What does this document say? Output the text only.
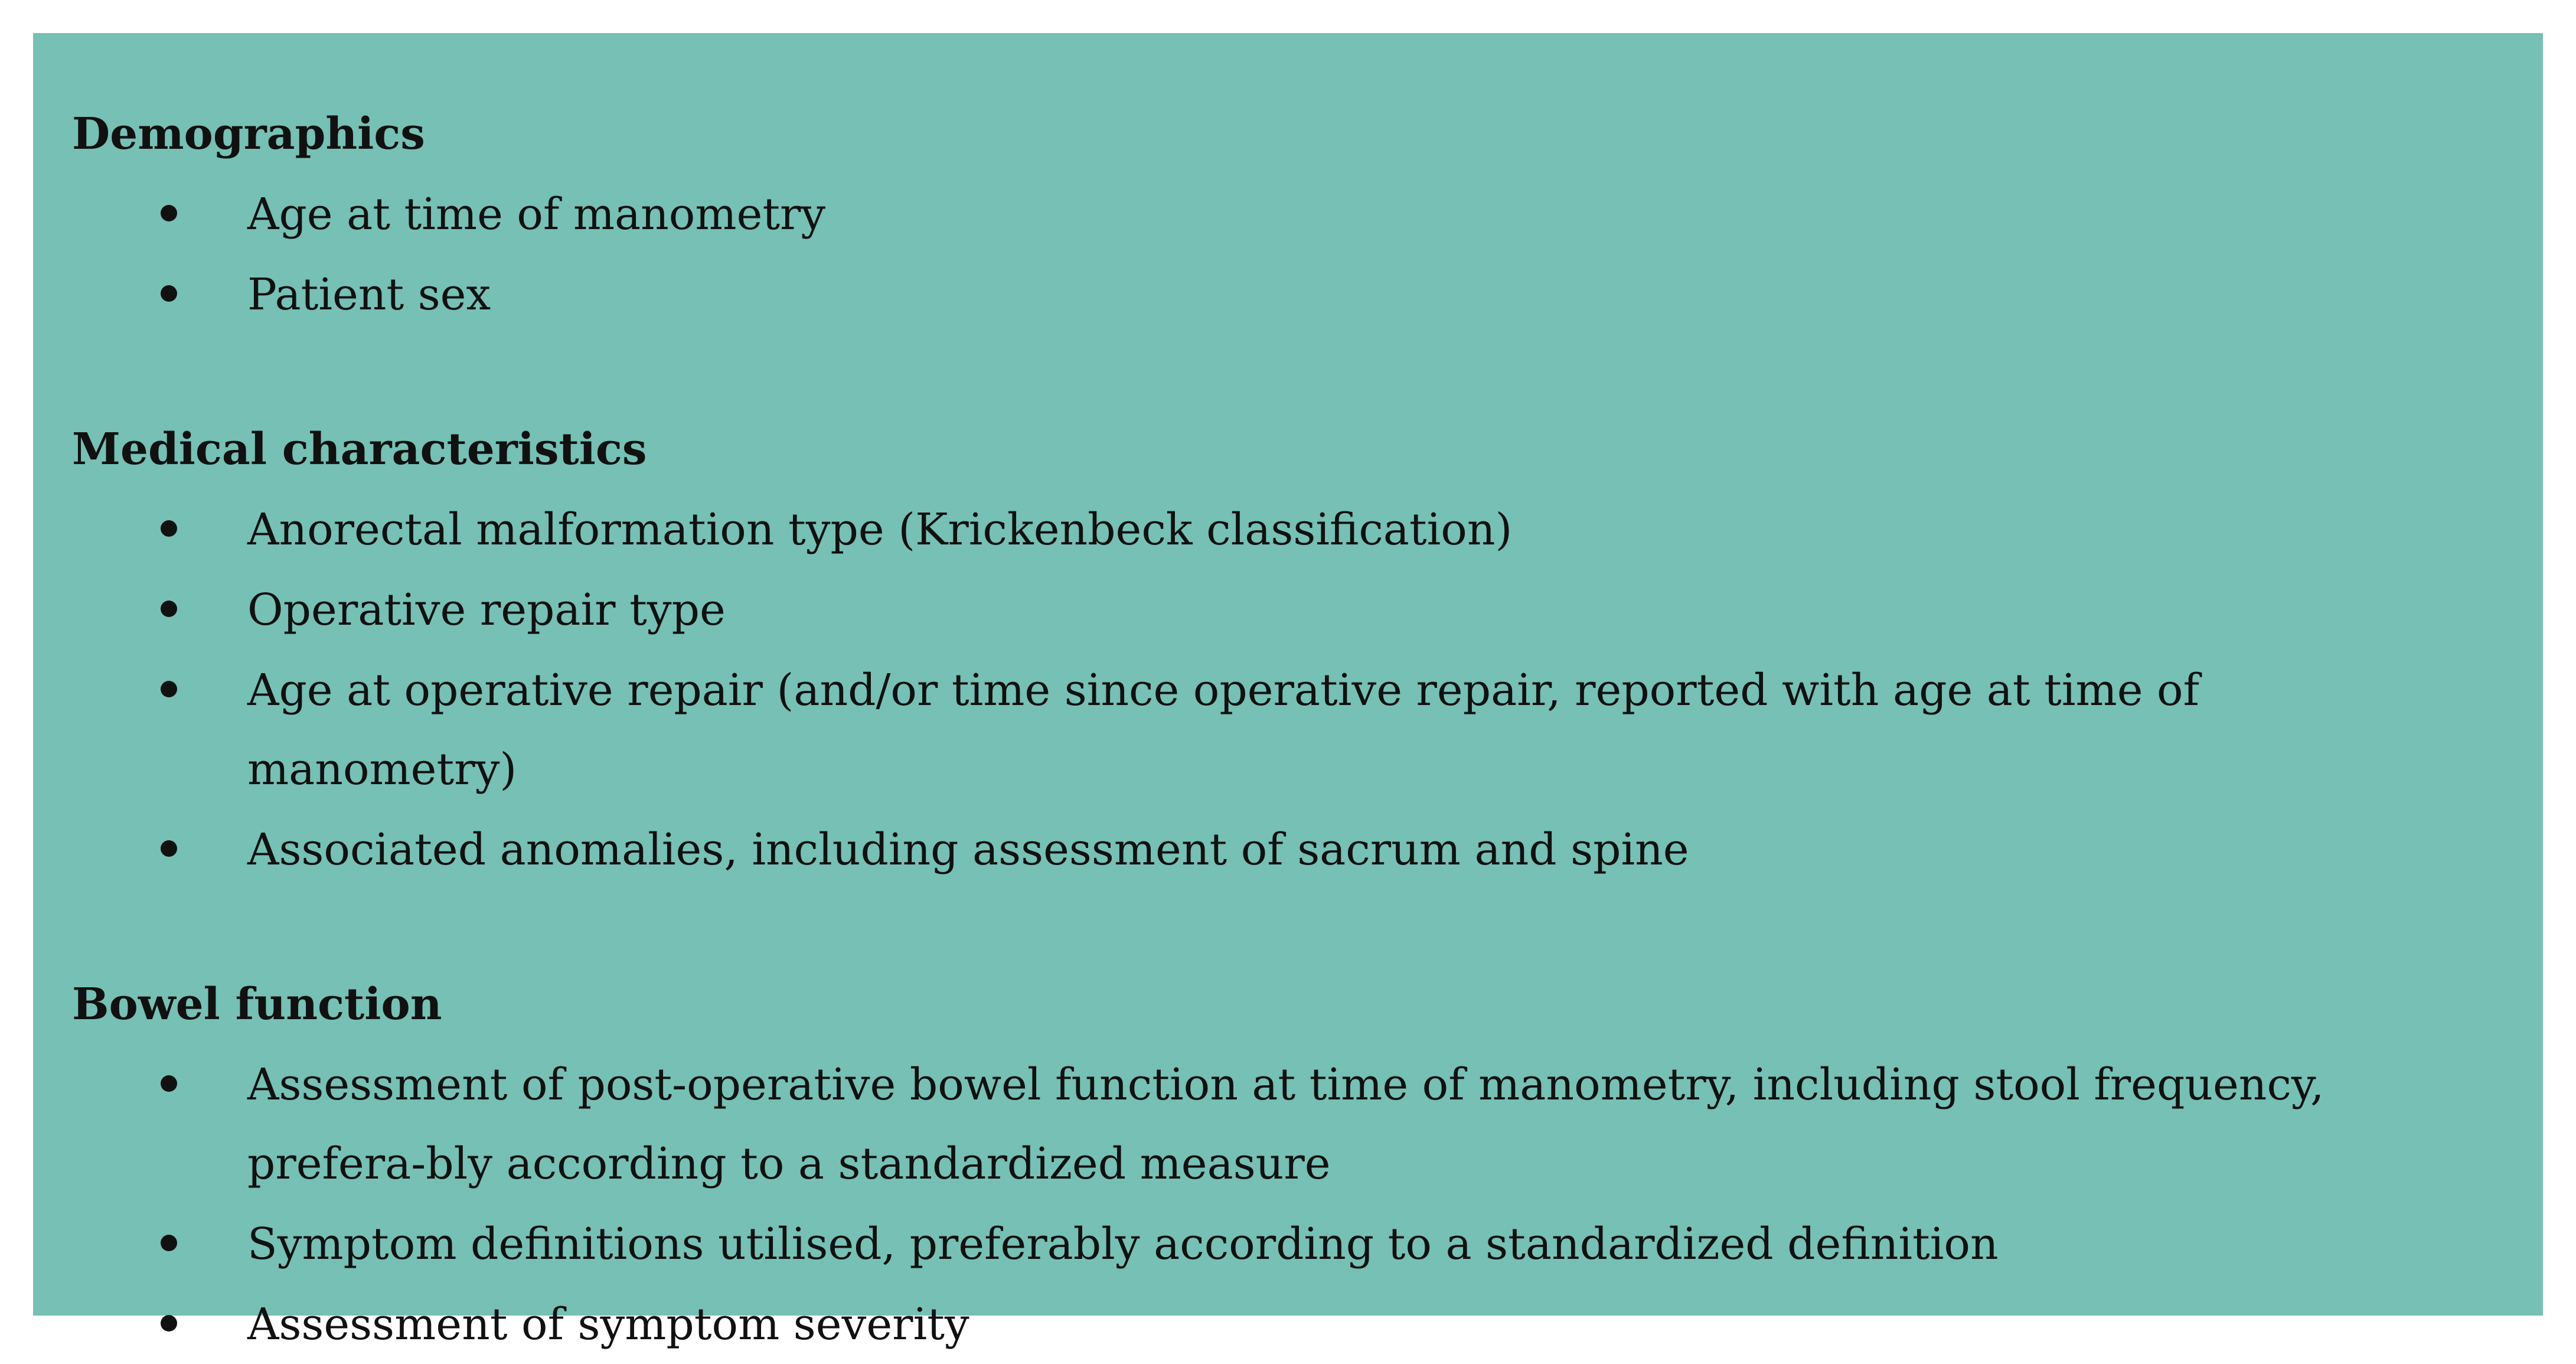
Demographics
Age at time of manometry
Patient sex
Medical characteristics
Anorectal malformation type (Krickenbeck classification)
Operative repair type
Age at operative repair (and/or time since operative repair, reported with age at time of manometry)
Associated anomalies, including assessment of sacrum and spine
Bowel function
Assessment of post-operative bowel function at time of manometry, including stool frequency, prefera-bly according to a standardized measure
Symptom definitions utilised, preferably according to a standardized definition
Assessment of symptom severity
